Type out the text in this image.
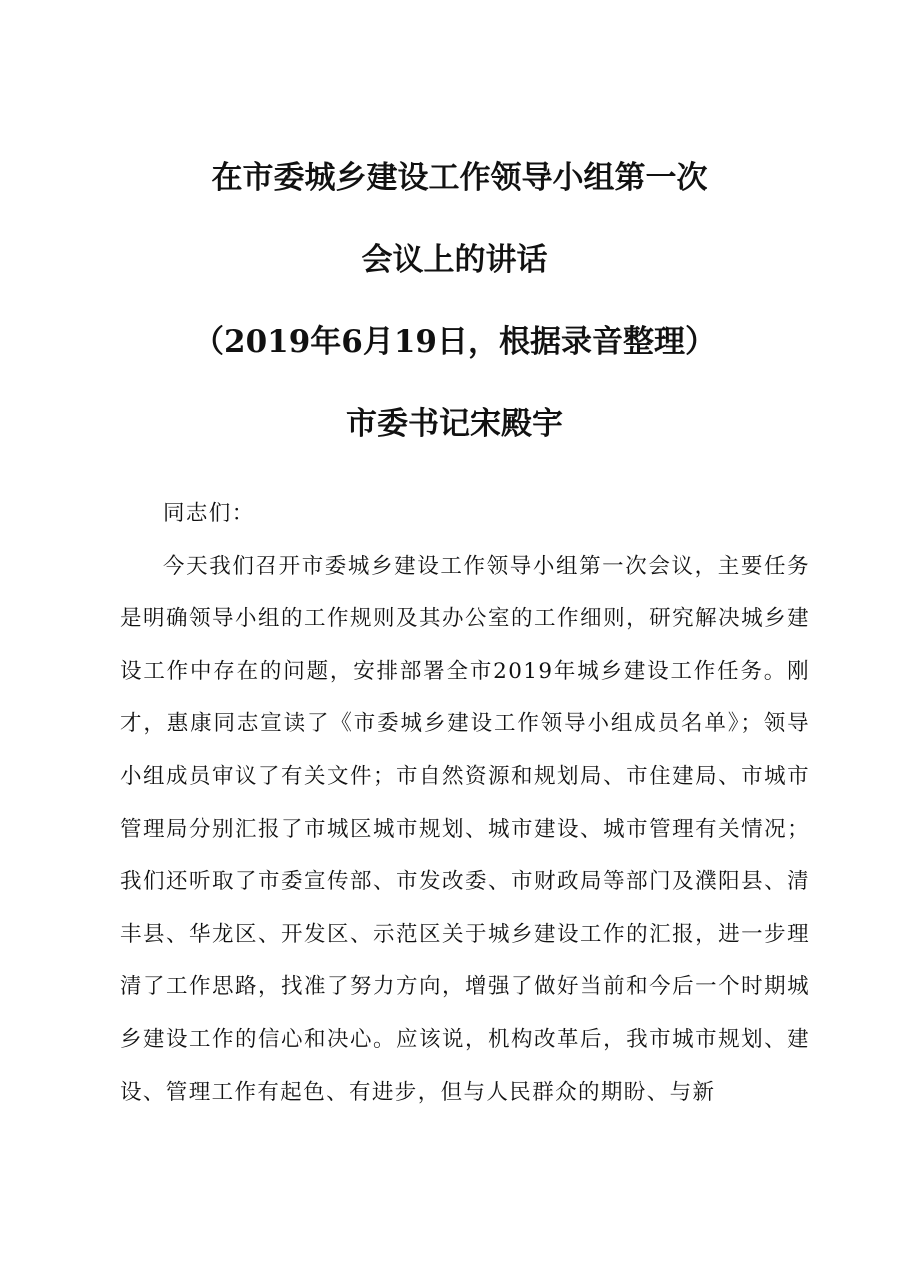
在市委城乡建设工作领导小组第一次
会议上的讲话
（2019年6月19日，根据录音整理）
市委书记宋殿宇

同志们：

今天我们召开市委城乡建设工作领导小组第一次会议，主要任务是明确领导小组的工作规则及其办公室的工作细则，研究解决城乡建设工作中存在的问题，安排部署全市2019年城乡建设工作任务。刚才，惠康同志宣读了《市委城乡建设工作领导小组成员名单》；领导小组成员审议了有关文件；市自然资源和规划局、市住建局、市城市管理局分别汇报了市城区城市规划、城市建设、城市管理有关情况；我们还听取了市委宣传部、市发改委、市财政局等部门及濮阳县、清丰县、华龙区、开发区、示范区关于城乡建设工作的汇报，进一步理清了工作思路，找准了努力方向，增强了做好当前和今后一个时期城乡建设工作的信心和决心。应该说，机构改革后，我市城市规划、建设、管理工作有起色、有进步，但与人民群众的期盼、与新
